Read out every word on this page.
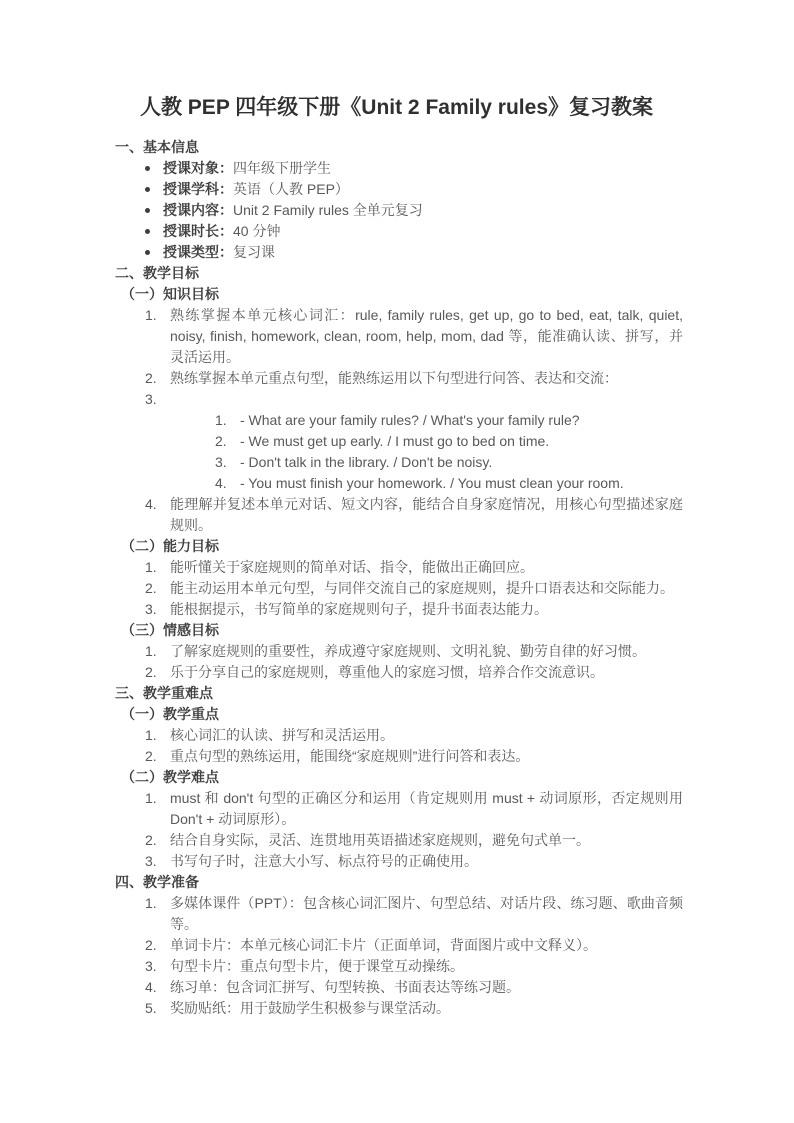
人教 PEP 四年级下册《Unit 2 Family rules》复习教案
一、基本信息
授课对象： 四年级下册学生
授课学科： 英语（人教 PEP）
授课内容： Unit 2 Family rules 全单元复习
授课时长： 40 分钟
授课类型： 复习课
二、教学目标
（一）知识目标
1. 熟练掌握本单元核心词汇：rule, family rules, get up, go to bed, eat, talk, quiet, noisy, finish, homework, clean, room, help, mom, dad 等，能准确认读、拼写，并灵活运用。
2. 熟练掌握本单元重点句型，能熟练运用以下句型进行问答、表达和交流：
3.
1. - What are your family rules? / What's your family rule?
2. - We must get up early. / I must go to bed on time.
3. - Don't talk in the library. / Don't be noisy.
4. - You must finish your homework. / You must clean your room.
4. 能理解并复述本单元对话、短文内容，能结合自身家庭情况，用核心句型描述家庭规则。
（二）能力目标
1. 能听懂关于家庭规则的简单对话、指令，能做出正确回应。
2. 能主动运用本单元句型，与同伴交流自己的家庭规则，提升口语表达和交际能力。
3. 能根据提示，书写简单的家庭规则句子，提升书面表达能力。
（三）情感目标
1. 了解家庭规则的重要性，养成遵守家庭规则、文明礼貌、勤劳自律的好习惯。
2. 乐于分享自己的家庭规则，尊重他人的家庭习惯，培养合作交流意识。
三、教学重难点
（一）教学重点
1. 核心词汇的认读、拼写和灵活运用。
2. 重点句型的熟练运用，能围绕“家庭规则”进行问答和表达。
（二）教学难点
1. must 和 don't 句型的正确区分和运用（肯定规则用 must + 动词原形，否定规则用 Don't + 动词原形）。
2. 结合自身实际，灵活、连贯地用英语描述家庭规则，避免句式单一。
3. 书写句子时，注意大小写、标点符号的正确使用。
四、教学准备
1. 多媒体课件（PPT）：包含核心词汇图片、句型总结、对话片段、练习题、歌曲音频等。
2. 单词卡片：本单元核心词汇卡片（正面单词，背面图片或中文释义）。
3. 句型卡片：重点句型卡片，便于课堂互动操练。
4. 练习单：包含词汇拼写、句型转换、书面表达等练习题。
5. 奖励贴纸：用于鼓励学生积极参与课堂活动。
